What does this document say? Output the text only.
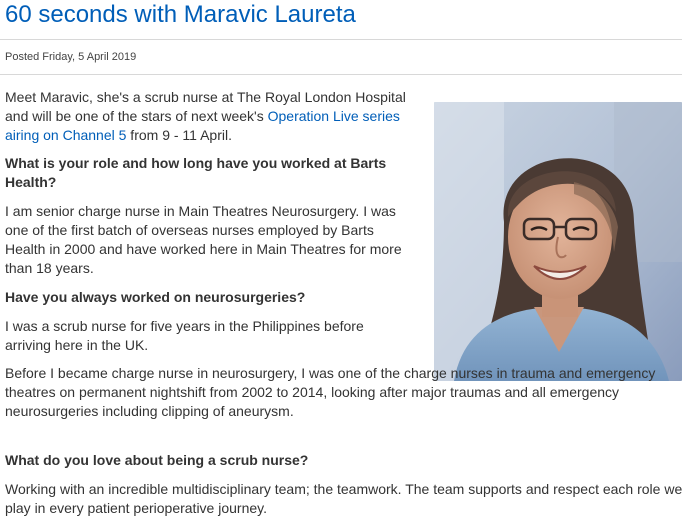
60 seconds with Maravic Laureta
Posted Friday, 5 April 2019

Meet Maravic, she's a scrub nurse at The Royal London Hospital and will be one of the stars of next week's Operation Live series airing on Channel 5 from 9 - 11 April.

What is your role and how long have you worked at Barts Health?

I am senior charge nurse in Main Theatres Neurosurgery. I was one of the first batch of overseas nurses employed by Barts Health in 2000 and have worked here in Main Theatres for more than 18 years.

Have you always worked on neurosurgeries?

I was a scrub nurse for five years in the Philippines before arriving here in the UK.

Before I became charge nurse in neurosurgery, I was one of the charge nurses in trauma and emergency theatres on permanent nightshift from 2002 to 2014, looking after major traumas and all emergency neurosurgeries including clipping of aneurysm.

What do you love about being a scrub nurse?

Working with an incredible multidisciplinary team; the teamwork. The team supports and respect each role we play in every patient perioperative journey.
